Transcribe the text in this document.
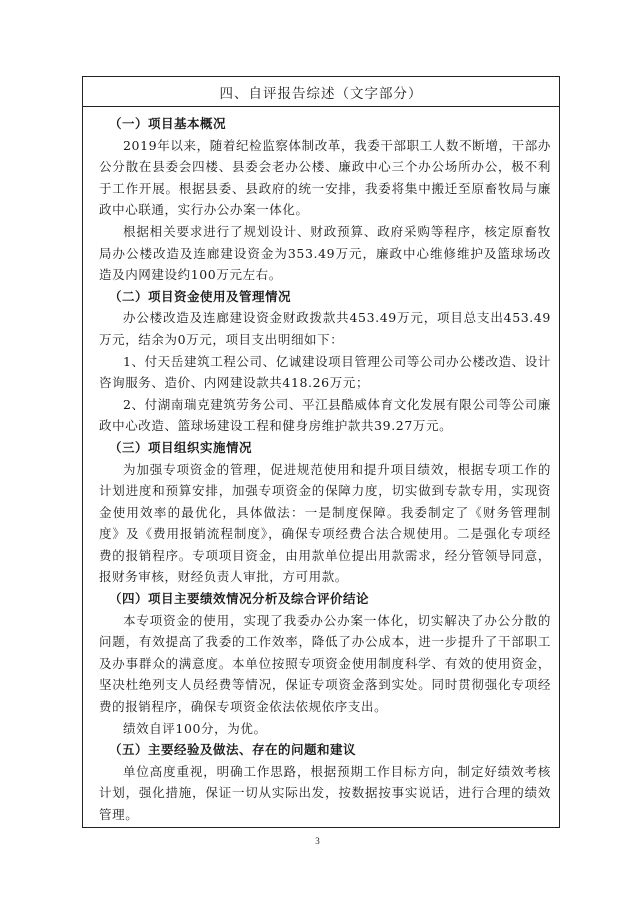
四、自评报告综述（文字部分）
（一）项目基本概况

2019年以来，随着纪检监察体制改革，我委干部职工人数不断增，干部办公分散在县委会四楼、县委会老办公楼、廉政中心三个办公场所办公，极不利于工作开展。根据县委、县政府的统一安排，我委将集中搬迁至原畜牧局与廉政中心联通，实行办公办案一体化。

根据相关要求进行了规划设计、财政预算、政府采购等程序，核定原畜牧局办公楼改造及连廊建设资金为353.49万元，廉政中心维修维护及篮球场改造及内网建设约100万元左右。

（二）项目资金使用及管理情况

办公楼改造及连廊建设资金财政拨款共453.49万元，项目总支出453.49万元，结余为0万元，项目支出明细如下：

1、付天岳建筑工程公司、亿诚建设项目管理公司等公司办公楼改造、设计咨询服务、造价、内网建设款共418.26万元；

2、付湖南瑞克建筑劳务公司、平江县酷威体育文化发展有限公司等公司廉政中心改造、篮球场建设工程和健身房维护款共39.27万元。

（三）项目组织实施情况

为加强专项资金的管理，促进规范使用和提升项目绩效，根据专项工作的计划进度和预算安排，加强专项资金的保障力度，切实做到专款专用，实现资金使用效率的最优化，具体做法：一是制度保障。我委制定了《财务管理制度》及《费用报销流程制度》，确保专项经费合法合规使用。二是强化专项经费的报销程序。专项项目资金，由用款单位提出用款需求，经分管领导同意，报财务审核，财经负责人审批，方可用款。

（四）项目主要绩效情况分析及综合评价结论

本专项资金的使用，实现了我委办公办案一体化，切实解决了办公分散的问题，有效提高了我委的工作效率，降低了办公成本，进一步提升了干部职工及办事群众的满意度。本单位按照专项资金使用制度科学、有效的使用资金，坚决杜绝列支人员经费等情况，保证专项资金落到实处。同时贯彻强化专项经费的报销程序，确保专项资金依法依规依序支出。

绩效自评100分，为优。

（五）主要经验及做法、存在的问题和建议

单位高度重视，明确工作思路，根据预期工作目标方向，制定好绩效考核计划，强化措施，保证一切从实际出发，按数据按事实说话，进行合理的绩效管理。

3
